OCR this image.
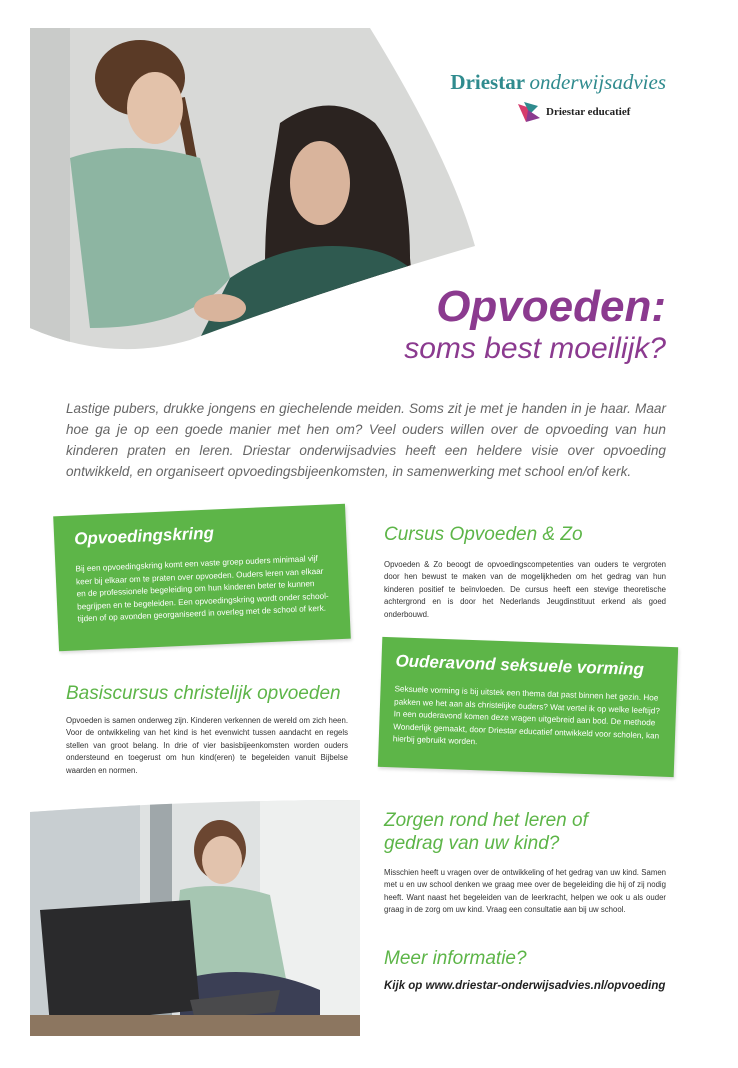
Driestar onderwijsadvies
Driestar educatief
Opvoeden:
soms best moeilijk?

Lastige pubers, drukke jongens en giechelende meiden. Soms zit je met je handen in je haar. Maar hoe ga je op een goede manier met hen om? Veel ouders willen over de opvoeding van hun kinderen praten en leren. Driestar onderwijsadvies heeft een heldere visie over opvoeding ontwikkeld, en organiseert opvoedingsbijeenkomsten, in samenwerking met school en/of kerk.

Opvoedingskring

Bij een opvoedingskring komt een vaste groep ouders minimaal vijf keer bij elkaar om te praten over opvoeden. Ouders leren van elkaar en de professionele begeleiding om hun kinderen beter te kunnen begrijpen en te begeleiden. Een opvoedingskring wordt onder school-tijden of op avonden georganiseerd in overleg met de school of kerk.

Cursus Opvoeden & Zo

Opvoeden & Zo beoogt de opvoedingscompetenties van ouders te vergroten door hen bewust te maken van de mogelijkheden om het gedrag van hun kinderen positief te beïnvloeden. De cursus heeft een stevige theoretische achtergrond en is door het Nederlands Jeugdinstituut erkend als goed onderbouwd.

Ouderavond seksuele vorming

Seksuele vorming is bij uitstek een thema dat past binnen het gezin. Hoe pakken we het aan als christelijke ouders? Wat vertel ik op welke leeftijd? In een ouderavond komen deze vragen uitgebreid aan bod. De methode Wonderlijk gemaakt, door Driestar educatief ontwikkeld voor scholen, kan hierbij gebruikt worden.

Basiscursus christelijk opvoeden

Opvoeden is samen onderweg zijn. Kinderen verkennen de wereld om zich heen. Voor de ontwikkeling van het kind is het evenwicht tussen aandacht en regels stellen van groot belang. In drie of vier basisbijeenkomsten worden ouders ondersteund en toegerust om hun kind(eren) te begeleiden vanuit Bijbelse waarden en normen.

Zorgen rond het leren of
gedrag van uw kind?

Misschien heeft u vragen over de ontwikkeling of het gedrag van uw kind. Samen met u en uw school denken we graag mee over de begeleiding die hij of zij nodig heeft. Want naast het begeleiden van de leerkracht, helpen we ook u als ouder graag in de zorg om uw kind. Vraag een consultatie aan bij uw school.

Meer informatie?
Kijk op www.driestar-onderwijsadvies.nl/opvoeding
